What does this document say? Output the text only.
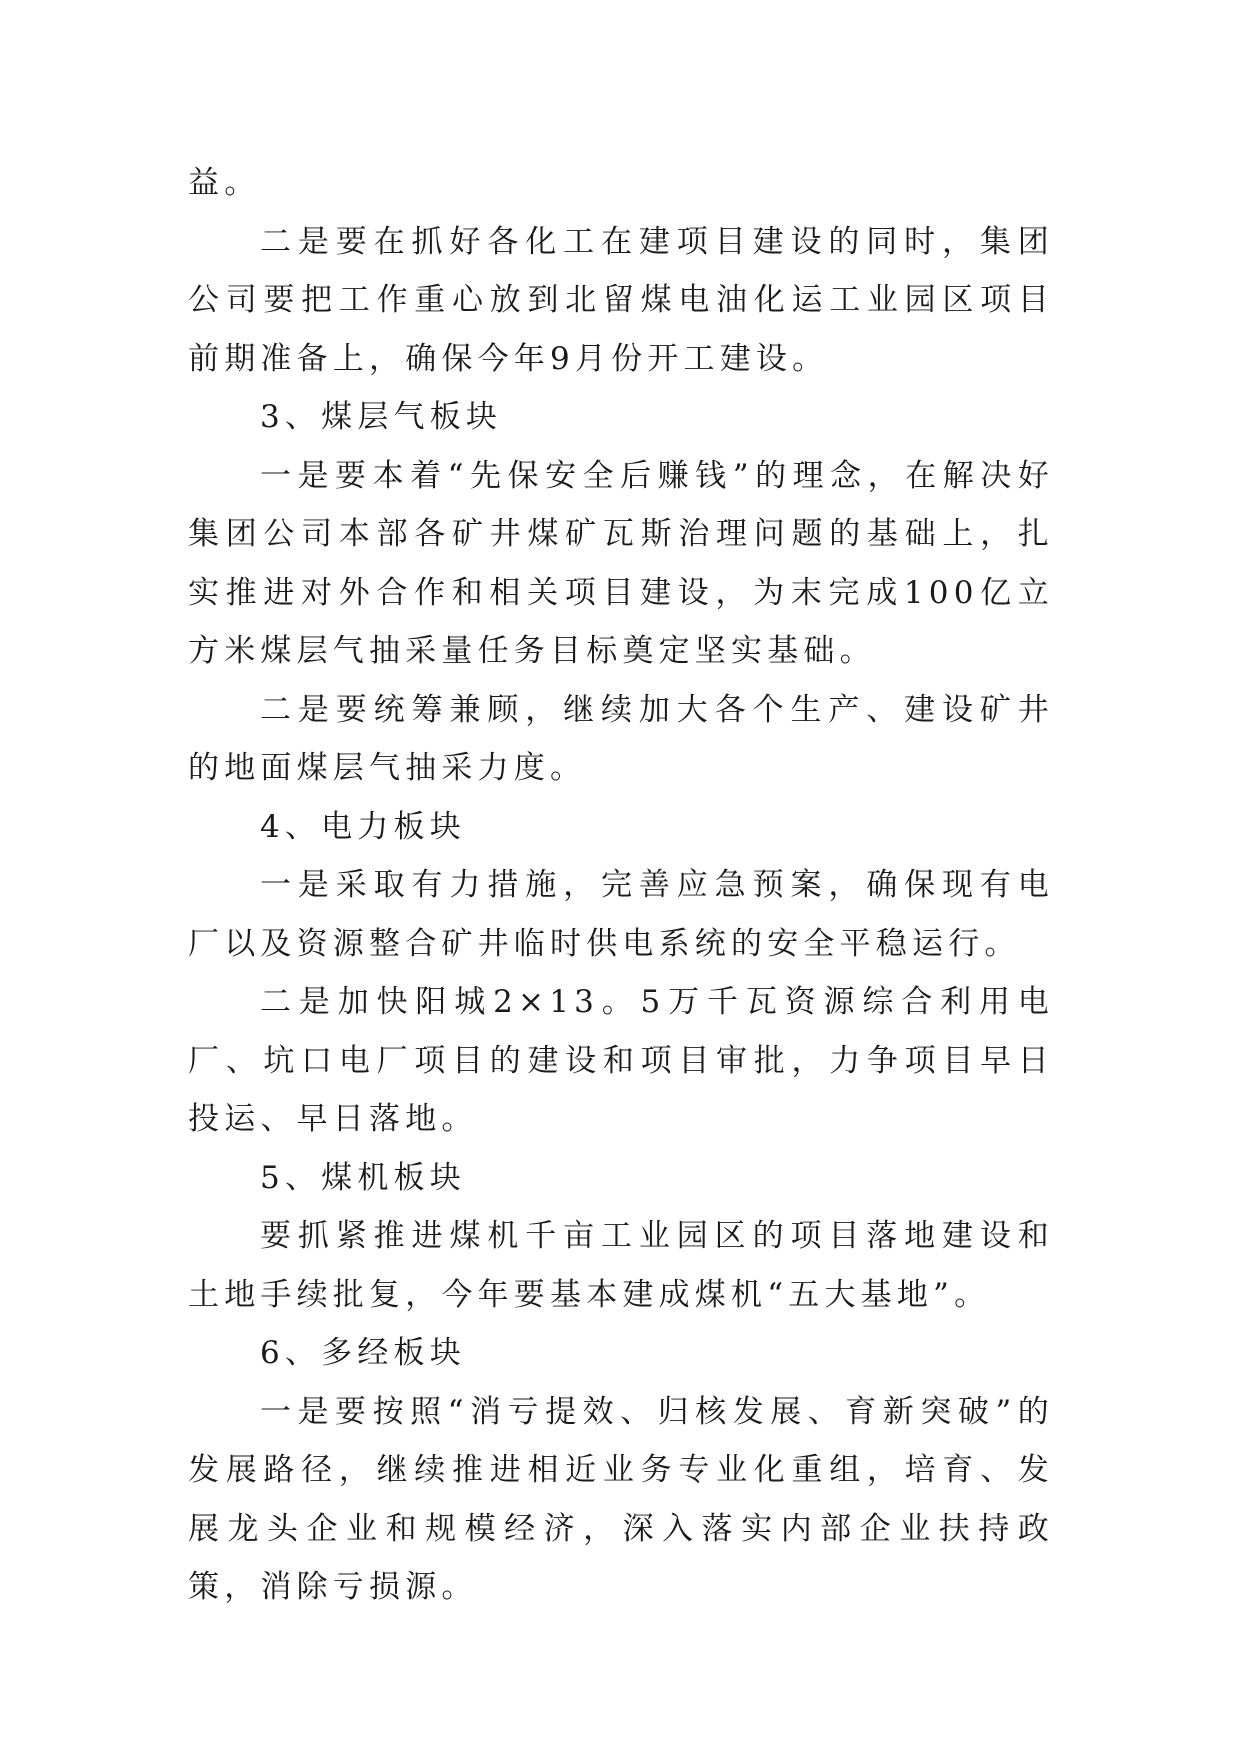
益。

二是要在抓好各化工在建项目建设的同时，集团公司要把工作重心放到北留煤电油化运工业园区项目前期准备上，确保今年9月份开工建设。

3、煤层气板块

一是要本着“先保安全后赚钱”的理念，在解决好集团公司本部各矿井煤矿瓦斯治理问题的基础上，扎实推进对外合作和相关项目建设，为末完成100亿立方米煤层气抽采量任务目标奠定坚实基础。

二是要统筹兼顾，继续加大各个生产、建设矿井的地面煤层气抽采力度。

4、电力板块

一是采取有力措施，完善应急预案，确保现有电厂以及资源整合矿井临时供电系统的安全平稳运行。

二是加快阳城2×13。5万千瓦资源综合利用电厂、坑口电厂项目的建设和项目审批，力争项目早日投运、早日落地。

5、煤机板块

要抓紧推进煤机千亩工业园区的项目落地建设和土地手续批复，今年要基本建成煤机“五大基地”。

6、多经板块

一是要按照“消亏提效、归核发展、育新突破”的发展路径，继续推进相近业务专业化重组，培育、发展龙头企业和规模经济，深入落实内部企业扶持政策，消除亏损源。
